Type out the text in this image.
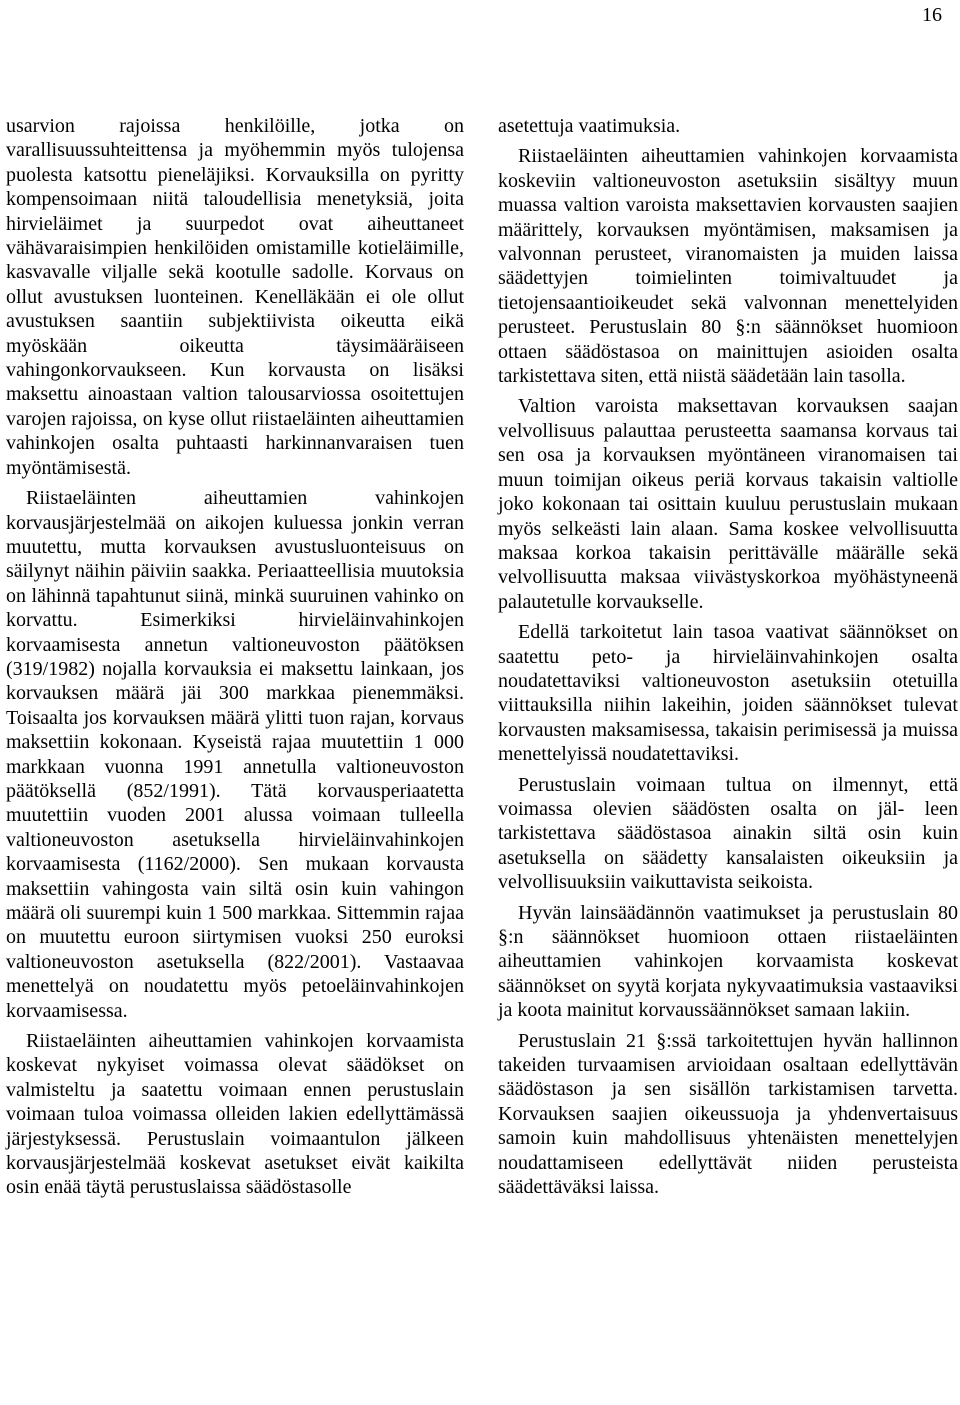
16

usarvion rajoissa henkilöille, jotka on varallisuussuhteittensa ja myöhemmin myös tulojensa puolesta katsottu pieneläjiksi. Korvauksilla on pyritty kompensoimaan niitä taloudellisia menetyksiä, joita hirvieläimet ja suurpedot ovat aiheuttaneet vähävaraisimpien henkilöiden omistamille kotieläimille, kasvavalle viljalle sekä kootulle sadolle. Korvaus on ollut avustuksen luonteinen. Kenelläkään ei ole ollut avustuksen saantiin subjektiivista oikeutta eikä myöskään oikeutta täysimääräiseen vahingonkorvaukseen. Kun korvausta on lisäksi maksettu ainoastaan valtion talousarviossa osoitettujen varojen rajoissa, on kyse ollut riistaeläinten aiheuttamien vahinkojen osalta puhtaasti harkinnanvaraisen tuen myöntämisestä.

Riistaeläinten aiheuttamien vahinkojen korvausjärjestelmää on aikojen kuluessa jonkin verran muutettu, mutta korvauksen avustusluonteisuus on säilynyt näihin päiviin saakka. Periaatteellisia muutoksia on lähinnä tapahtunut siinä, minkä suuruinen vahinko on korvattu. Esimerkiksi hirvieläinvahinkojen korvaamisesta annetun valtioneuvoston päätöksen (319/1982) nojalla korvauksia ei maksettu lainkaan, jos korvauksen määrä jäi 300 markkaa pienemmäksi. Toisaalta jos korvauksen määrä ylitti tuon rajan, korvaus maksettiin kokonaan. Kyseistä rajaa muutettiin 1 000 markkaan vuonna 1991 annetulla valtioneuvoston päätöksellä (852/1991). Tätä korvausperiaatetta muutettiin vuoden 2001 alussa voimaan tulleella valtioneuvoston asetuksella hirvieläinvahinkojen korvaamisesta (1162/2000). Sen mukaan korvausta maksettiin vahingosta vain siltä osin kuin vahingon määrä oli suurempi kuin 1 500 markkaa. Sittemmin rajaa on muutettu euroon siirtymisen vuoksi 250 euroksi valtioneuvoston asetuksella (822/2001). Vastaavaa menettelyä on noudatettu myös petoeläinvahinkojen korvaamisessa.

Riistaeläinten aiheuttamien vahinkojen korvaamista koskevat nykyiset voimassa olevat säädökset on valmisteltu ja saatettu voimaan ennen perustuslain voimaan tuloa voimassa olleiden lakien edellyttämässä järjestyksessä. Perustuslain voimaantulon jälkeen korvausjärjestelmää koskevat asetukset eivät kaikilta osin enää täytä perustuslaissa säädöstasolle

asetettuja vaatimuksia.

Riistaeläinten aiheuttamien vahinkojen korvaamista koskeviin valtioneuvoston asetuksiin sisältyy muun muassa valtion varoista maksettavien korvausten saajien määrittely, korvauksen myöntämisen, maksamisen ja valvonnan perusteet, viranomaisten ja muiden laissa säädettyjen toimielinten toimivaltuudet ja tietojensaantioikeudet sekä valvonnan menettelyiden perusteet. Perustuslain 80 §:n säännökset huomioon ottaen säädöstasoa on mainittujen asioiden osalta tarkistettava siten, että niistä säädetään lain tasolla.

Valtion varoista maksettavan korvauksen saajan velvollisuus palauttaa perusteetta saamansa korvaus tai sen osa ja korvauksen myöntäneen viranomaisen tai muun toimijan oikeus periä korvaus takaisin valtiolle joko kokonaan tai osittain kuuluu perustuslain mukaan myös selkeästi lain alaan. Sama koskee velvollisuutta maksaa korkoa takaisin perittävälle määrälle sekä velvollisuutta maksaa viivästyskorkoa myöhästyneenä palautetulle korvaukselle.

Edellä tarkoitetut lain tasoa vaativat säännökset on saatettu peto- ja hirvieläinvahinkojen osalta noudatettaviksi valtioneuvoston asetuksiin otetuilla viittauksilla niihin lakeihin, joiden säännökset tulevat korvausten maksamisessa, takaisin perimisessä ja muissa menettelyissä noudatettaviksi.

Perustuslain voimaan tultua on ilmennyt, että voimassa olevien säädösten osalta on jäl- leen tarkistettava säädöstasoa ainakin siltä osin kuin asetuksella on säädetty kansalaisten oikeuksiin ja velvollisuuksiin vaikuttavista seikoista.

Hyvän lainsäädännön vaatimukset ja perustuslain 80 §:n säännökset huomioon ottaen riistaeläinten aiheuttamien vahinkojen korvaamista koskevat säännökset on syytä korjata nykyvaatimuksia vastaaviksi ja koota mainitut korvaussäännökset samaan lakiin.

Perustuslain 21 §:ssä tarkoitettujen hyvän hallinnon takeiden turvaamisen arvioidaan osaltaan edellyttävän säädöstason ja sen sisällön tarkistamisen tarvetta. Korvauksen saajien oikeussuoja ja yhdenvertaisuus samoin kuin mahdollisuus yhtenäisten menettelyjen noudattamiseen edellyttävät niiden perusteista säädettäväksi laissa.
